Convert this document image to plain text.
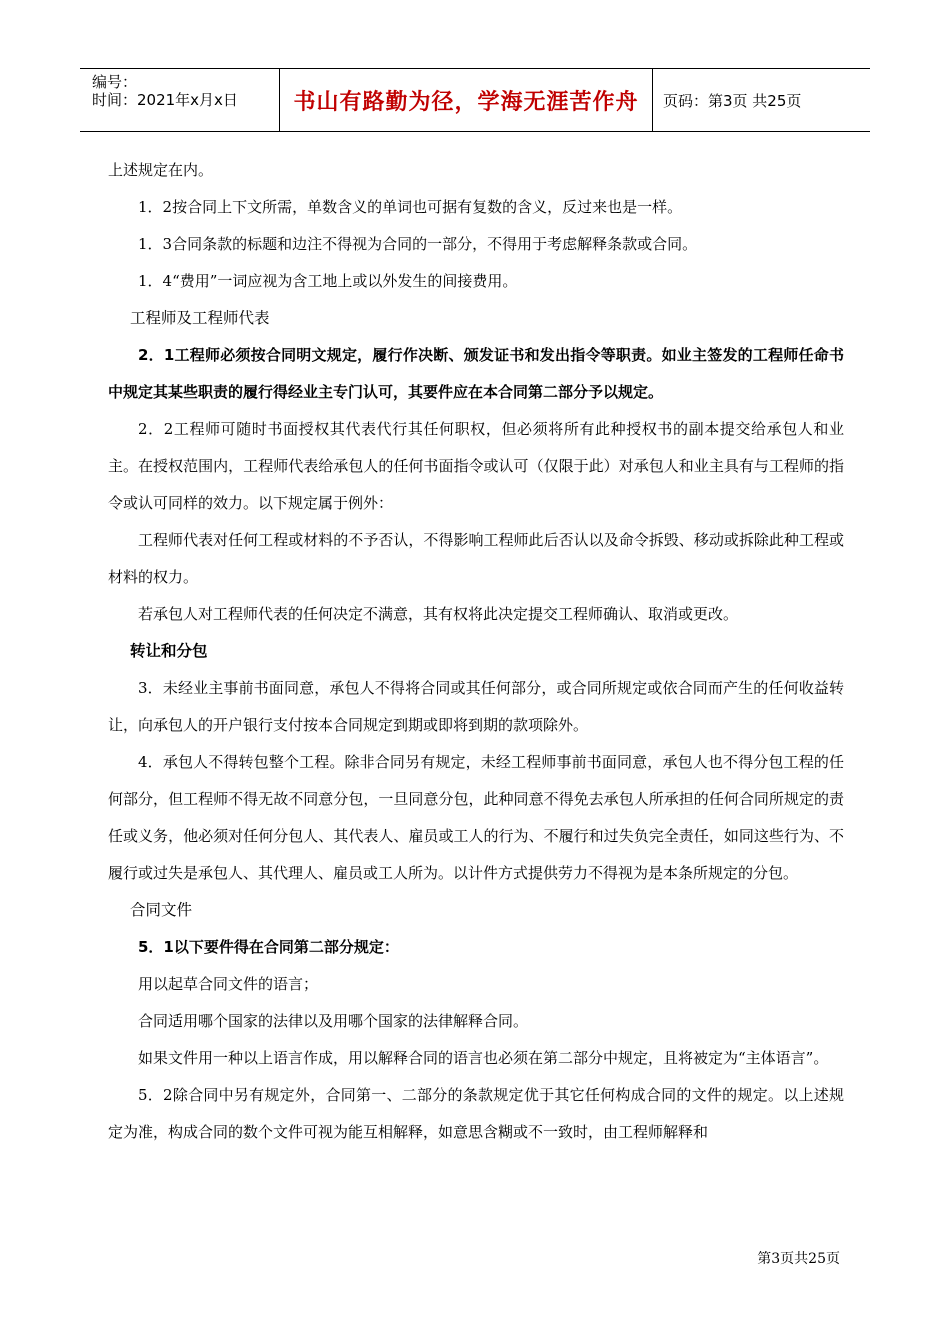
编号：
时间：2021年x月x日	书山有路勤为径，学海无涯苦作舟	页码：第3页 共25页

上述规定在内。

1．2按合同上下文所需，单数含义的单词也可据有复数的含义，反过来也是一样。

1．3合同条款的标题和边注不得视为合同的一部分，不得用于考虑解释条款或合同。

1．4“费用”一词应视为含工地上或以外发生的间接费用。

工程师及工程师代表

2．1工程师必须按合同明文规定，履行作决断、颁发证书和发出指令等职责。如业主签发的工程师任命书中规定其某些职责的履行得经业主专门认可，其要件应在本合同第二部分予以规定。

2．2工程师可随时书面授权其代表代行其任何职权，但必须将所有此种授权书的副本提交给承包人和业主。在授权范围内，工程师代表给承包人的任何书面指令或认可（仅限于此）对承包人和业主具有与工程师的指令或认可同样的效力。以下规定属于例外：

工程师代表对任何工程或材料的不予否认，不得影响工程师此后否认以及命令拆毁、移动或拆除此种工程或材料的权力。

若承包人对工程师代表的任何决定不满意，其有权将此决定提交工程师确认、取消或更改。

转让和分包

3．未经业主事前书面同意，承包人不得将合同或其任何部分，或合同所规定或依合同而产生的任何收益转让，向承包人的开户银行支付按本合同规定到期或即将到期的款项除外。

4．承包人不得转包整个工程。除非合同另有规定，未经工程师事前书面同意，承包人也不得分包工程的任何部分，但工程师不得无故不同意分包，一旦同意分包，此种同意不得免去承包人所承担的任何合同所规定的责任或义务，他必须对任何分包人、其代表人、雇员或工人的行为、不履行和过失负完全责任，如同这些行为、不履行或过失是承包人、其代理人、雇员或工人所为。以计件方式提供劳力不得视为是本条所规定的分包。

合同文件

5．1以下要件得在合同第二部分规定：

用以起草合同文件的语言；

合同适用哪个国家的法律以及用哪个国家的法律解释合同。

如果文件用一种以上语言作成，用以解释合同的语言也必须在第二部分中规定，且将被定为“主体语言”。

5．2除合同中另有规定外，合同第一、二部分的条款规定优于其它任何构成合同的文件的规定。以上述规定为准，构成合同的数个文件可视为能互相解释，如意思含糊或不一致时，由工程师解释和

第3页共25页
